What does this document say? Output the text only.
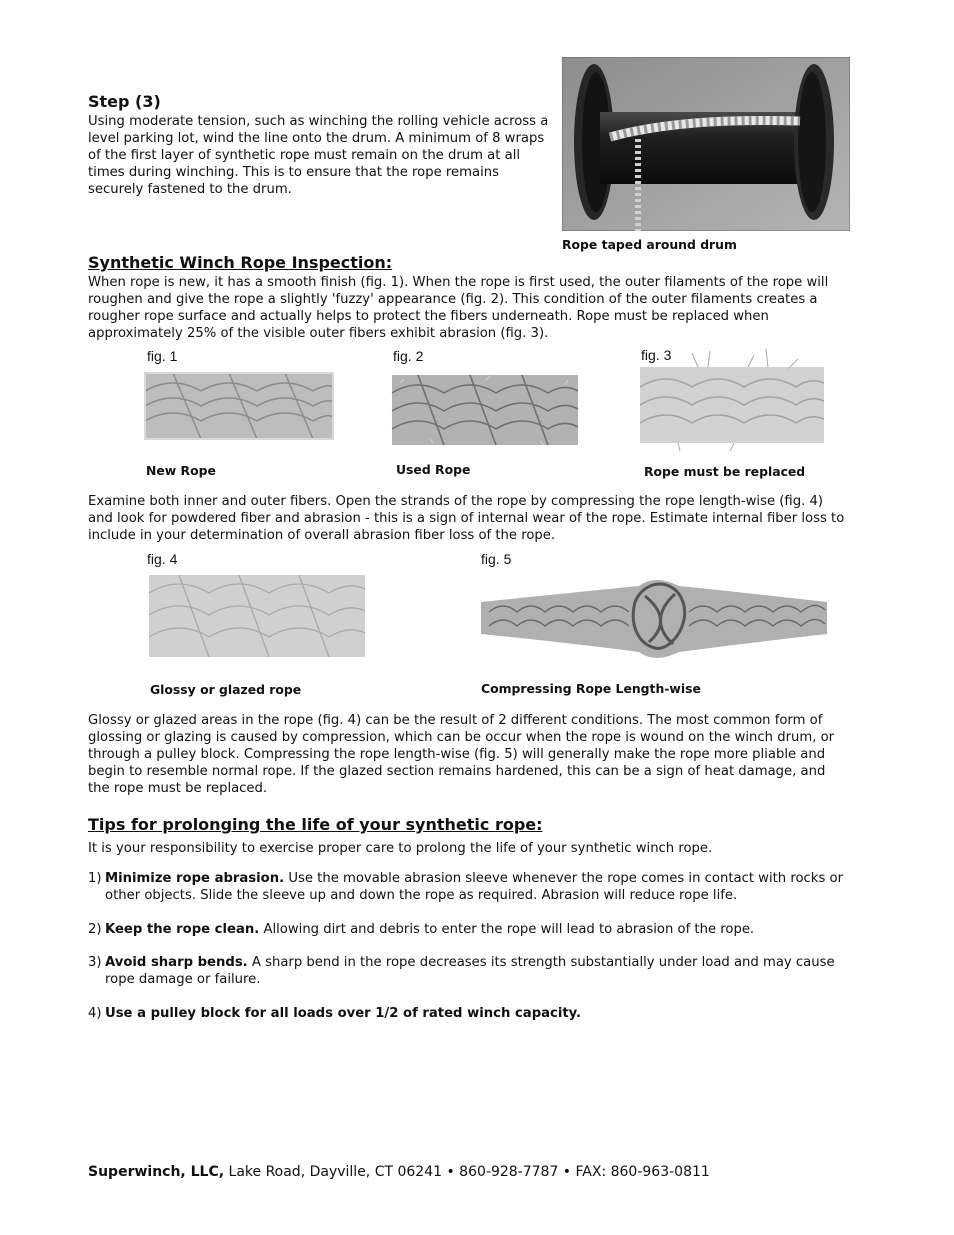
Step (3)

Using moderate tension, such as winching the rolling vehicle across a level parking lot, wind the line onto the drum. A minimum of 8 wraps of the first layer of synthetic rope must remain on the drum at all times during winching. This is to ensure that the rope remains securely fastened to the drum.

Rope taped around drum
Synthetic Winch Rope Inspection:

When rope is new, it has a smooth finish (fig. 1). When the rope is first used, the outer filaments of the rope will roughen and give the rope a slightly 'fuzzy' appearance (fig. 2). This condition of the outer filaments creates a rougher rope surface and actually helps to protect the fibers underneath. Rope must be replaced when approximately 25% of the visible outer fibers exhibit abrasion (fig. 3).

fig. 1	fig. 2	fig. 3
New Rope	Used Rope	Rope must be replaced

Examine both inner and outer fibers. Open the strands of the rope by compressing the rope length-wise (fig. 4) and look for powdered fiber and abrasion - this is a sign of internal wear of the rope. Estimate internal fiber loss to include in your determination of overall abrasion fiber loss of the rope.

fig. 4	fig. 5
Glossy or glazed rope	Compressing Rope Length-wise

Glossy or glazed areas in the rope (fig. 4) can be the result of 2 different conditions. The most common form of glossing or glazing is caused by compression, which can be occur when the rope is wound on the winch drum, or through a pulley block. Compressing the rope length-wise (fig. 5) will generally make the rope more pliable and begin to resemble normal rope. If the glazed section remains hardened, this can be a sign of heat damage, and the rope must be replaced.

Tips for prolonging the life of your synthetic rope:

It is your responsibility to exercise proper care to prolong the life of your synthetic winch rope.

1) Minimize rope abrasion. Use the movable abrasion sleeve whenever the rope comes in contact with rocks or other objects. Slide the sleeve up and down the rope as required. Abrasion will reduce rope life.
2) Keep the rope clean. Allowing dirt and debris to enter the rope will lead to abrasion of the rope.
3) Avoid sharp bends. A sharp bend in the rope decreases its strength substantially under load and may cause rope damage or failure.
4) Use a pulley block for all loads over 1/2 of rated winch capacity.
Superwinch, LLC, Lake Road, Dayville, CT 06241 • 860-928-7787 • FAX: 860-963-0811
